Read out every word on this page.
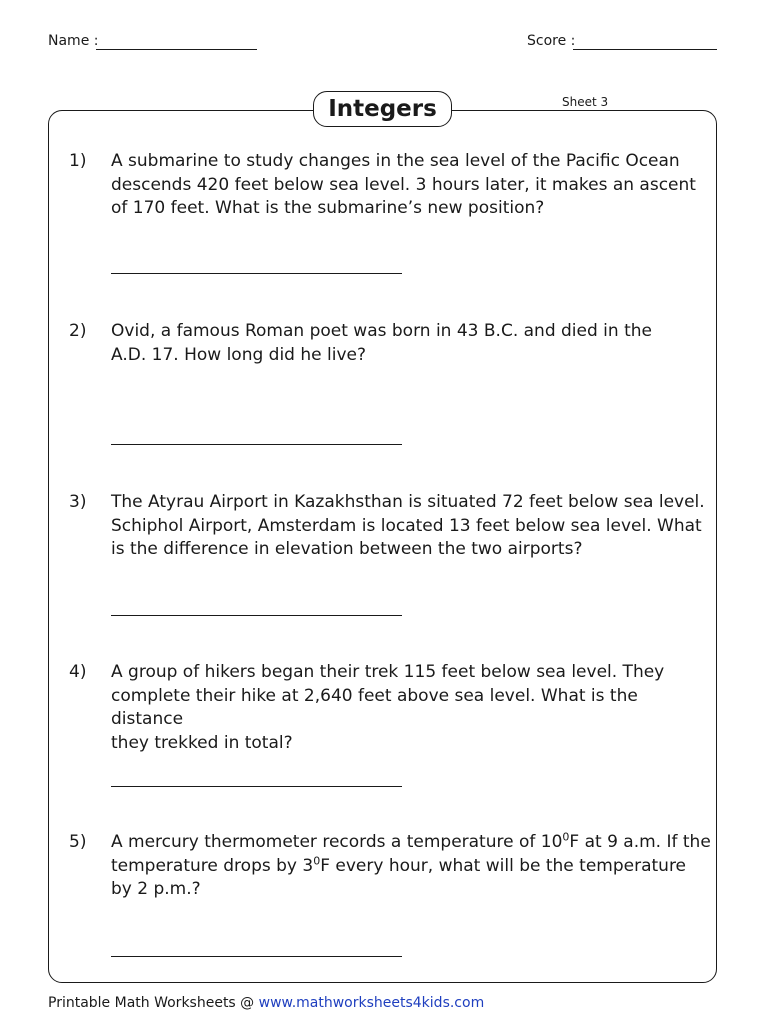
Name :	Score :
Integers	Sheet 3
1) A submarine to study changes in the sea level of the Pacific Ocean
descends 420 feet below sea level. 3 hours later, it makes an ascent
of 170 feet. What is the submarine’s new position?
2) Ovid, a famous Roman poet was born in 43 B.C. and died in the
A.D. 17. How long did he live?
3) The Atyrau Airport in Kazakhsthan is situated 72 feet below sea level.
Schiphol Airport, Amsterdam is located 13 feet below sea level. What
is the difference in elevation between the two airports?
4) A group of hikers began their trek 115 feet below sea level. They
complete their hike at 2,640 feet above sea level. What is the distance
they trekked in total?
5) A mercury thermometer records a temperature of $10^0F$ at 9 a.m. If the
temperature drops by $3^0F$ every hour, what will be the temperature
by 2 p.m.?
Printable Math Worksheets @ www.mathworksheets4kids.com
